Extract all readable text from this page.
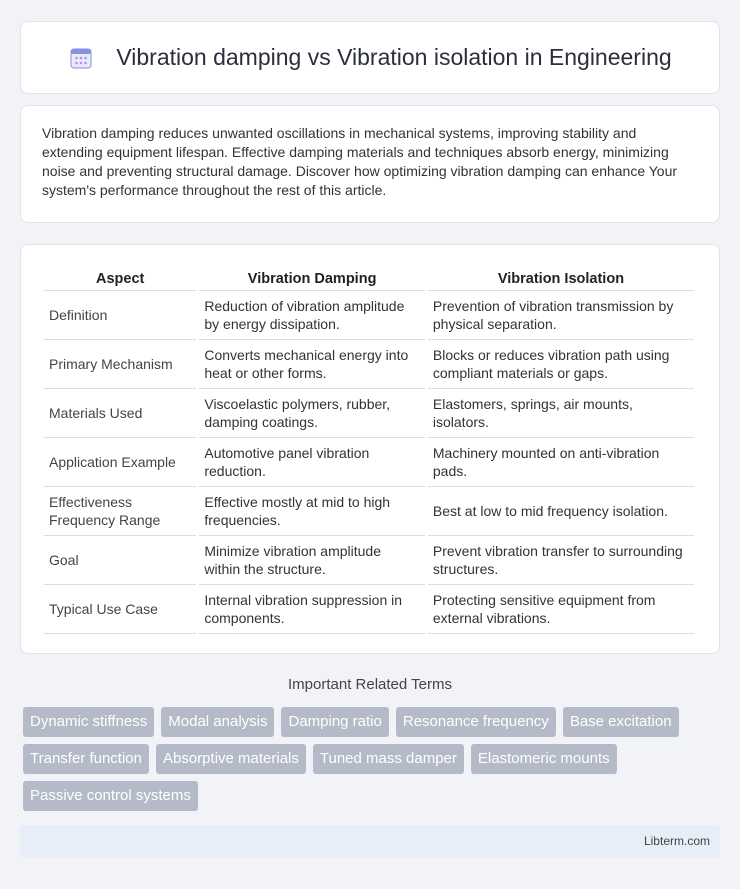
Vibration damping vs Vibration isolation in Engineering

Vibration damping reduces unwanted oscillations in mechanical systems, improving stability and extending equipment lifespan. Effective damping materials and techniques absorb energy, minimizing noise and preventing structural damage. Discover how optimizing vibration damping can enhance Your system's performance throughout the rest of this article.

Aspect	Vibration Damping	Vibration Isolation
Definition	Reduction of vibration amplitude by energy dissipation.	Prevention of vibration transmission by physical separation.
Primary Mechanism	Converts mechanical energy into heat or other forms.	Blocks or reduces vibration path using compliant materials or gaps.
Materials Used	Viscoelastic polymers, rubber, damping coatings.	Elastomers, springs, air mounts, isolators.
Application Example	Automotive panel vibration reduction.	Machinery mounted on anti-vibration pads.
Effectiveness Frequency Range	Effective mostly at mid to high frequencies.	Best at low to mid frequency isolation.
Goal	Minimize vibration amplitude within the structure.	Prevent vibration transfer to surrounding structures.
Typical Use Case	Internal vibration suppression in components.	Protecting sensitive equipment from external vibrations.
Important Related Terms
Dynamic stiffness	Modal analysis	Damping ratio	Resonance frequency	Base excitation
Transfer function	Absorptive materials	Tuned mass damper	Elastomeric mounts
Passive control systems
Libterm.com
